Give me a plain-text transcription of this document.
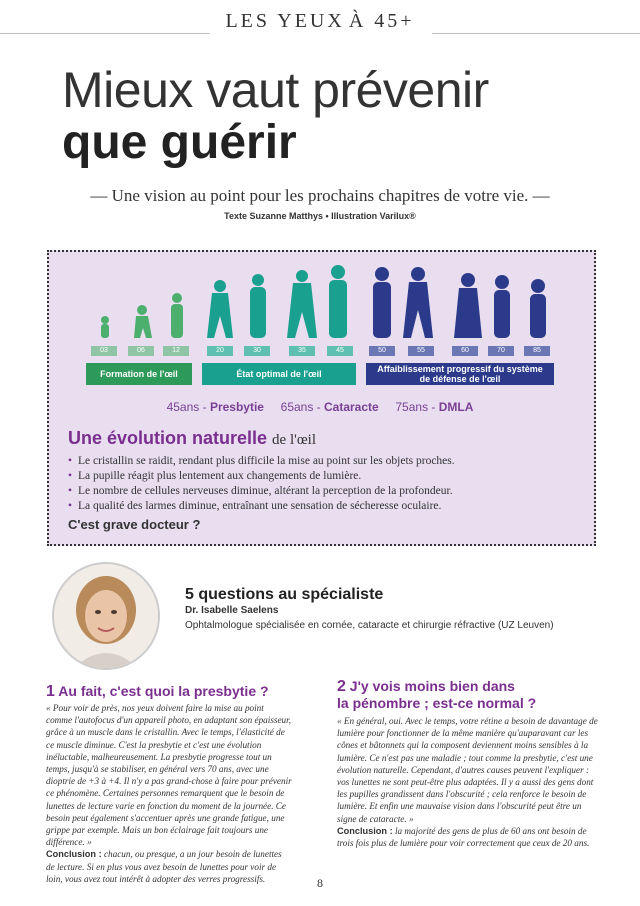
LES YEUX À 45+
Mieux vaut prévenir
que guérir
— Une vision au point pour les prochains chapitres de votre vie. —
Texte Suzanne Matthys • Illustration Varilux®
03	06	12	20	30	35	45	50	55	60	70	85
Formation de l'œil	État optimal de l'œil	Affaiblissement progressif du système de défense de l'œil
45ans - Presbytie 65ans - Cataracte 75ans - DMLA
Une évolution naturelle de l'œil
• Le cristallin se raidit, rendant plus difficile la mise au point sur les objets proches.
• La pupille réagit plus lentement aux changements de lumière.
• Le nombre de cellules nerveuses diminue, altérant la perception de la profondeur.
• La qualité des larmes diminue, entraînant une sensation de sécheresse oculaire.
C'est grave docteur ?
5 questions au spécialiste
Dr. Isabelle Saelens
Ophtalmologue spécialisée en cornée, cataracte et chirurgie réfractive (UZ Leuven)
1 Au fait, c'est quoi la presbytie ?
« Pour voir de près, nos yeux doivent faire la mise au point comme l'autofocus d'un appareil photo, en adaptant son épaisseur, grâce à un muscle dans le cristallin. Avec le temps, l'élasticité de ce muscle diminue. C'est la presbytie et c'est une évolution inéluctable, malheureusement. La presbytie progresse tout un temps, jusqu'à se stabiliser, en général vers 70 ans, avec une dioptrie de +3 à +4. Il n'y a pas grand-chose à faire pour prévenir ce phénomène. Certaines personnes remarquent que le besoin de lunettes de lecture varie en fonction du moment de la journée. Ce besoin peut également s'accentuer après une grande fatigue, une grippe par exemple. Mais un bon éclairage fait toujours une différence. »
Conclusion : chacun, ou presque, a un jour besoin de lunettes de lecture. Si en plus vous avez besoin de lunettes pour voir de loin, vous avez tout intérêt à adopter des verres progressifs.
2 J'y vois moins bien dans
la pénombre ; est-ce normal ?
« En général, oui. Avec le temps, votre rétine a besoin de davantage de lumière pour fonctionner de la même manière qu'auparavant car les cônes et bâtonnets qui la composent deviennent moins sensibles à la lumière. Ce n'est pas une maladie ; tout comme la presbytie, c'est une évolution naturelle. Cependant, d'autres causes peuvent l'expliquer : vos lunettes ne sont peut-être plus adaptées. Il y a aussi des gens dont les pupilles grandissent dans l'obscurité ; cela renforce le besoin de lumière. Et enfin une mauvaise vision dans l'obscurité peut être un signe de cataracte. »
Conclusion : la majorité des gens de plus de 60 ans ont besoin de trois fois plus de lumière pour voir correctement que ceux de 20 ans.
8
